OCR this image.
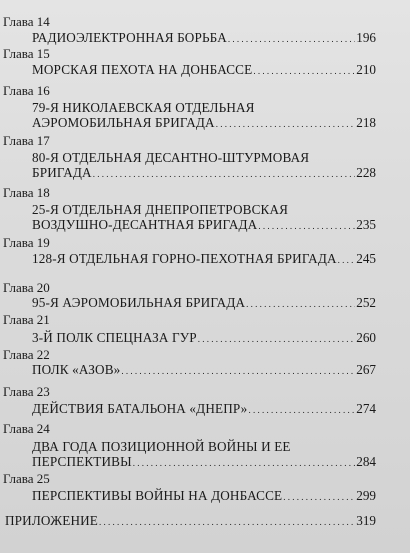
Глава 14
РАДИОЭЛЕКТРОННАЯ БОРЬБА . . .	196
Глава 15
МОРСКАЯ ПЕХОТА НА ДОНБАССЕ . . .	210
Глава 16
79-Я НИКОЛАЕВСКАЯ ОТДЕЛЬНАЯ
АЭРОМОБИЛЬНАЯ БРИГАДА . . .	218
Глава 17
80-Я ОТДЕЛЬНАЯ ДЕСАНТНО-ШТУРМОВАЯ
БРИГАДА . . .	228
Глава 18
25-Я ОТДЕЛЬНАЯ ДНЕПРОПЕТРОВСКАЯ
ВОЗДУШНО-ДЕСАНТНАЯ БРИГАДА . . .	235
Глава 19
128-Я ОТДЕЛЬНАЯ ГОРНО-ПЕХОТНАЯ БРИГАДА . . . 245
Глава 20
95-Я АЭРОМОБИЛЬНАЯ БРИГАДА . . .	252
Глава 21
3-Й ПОЛК СПЕЦНАЗА ГУР . . .	260
Глава 22
ПОЛК «АЗОВ» . . .	267
Глава 23
ДЕЙСТВИЯ БАТАЛЬОНА «ДНЕПР» . . .	274
Глава 24
ДВА ГОДА ПОЗИЦИОННОЙ ВОЙНЫ И ЕЕ
ПЕРСПЕКТИВЫ . . .	284
Глава 25
ПЕРСПЕКТИВЫ ВОЙНЫ НА ДОНБАССЕ . . .	299
ПРИЛОЖЕНИЕ . . .	319
